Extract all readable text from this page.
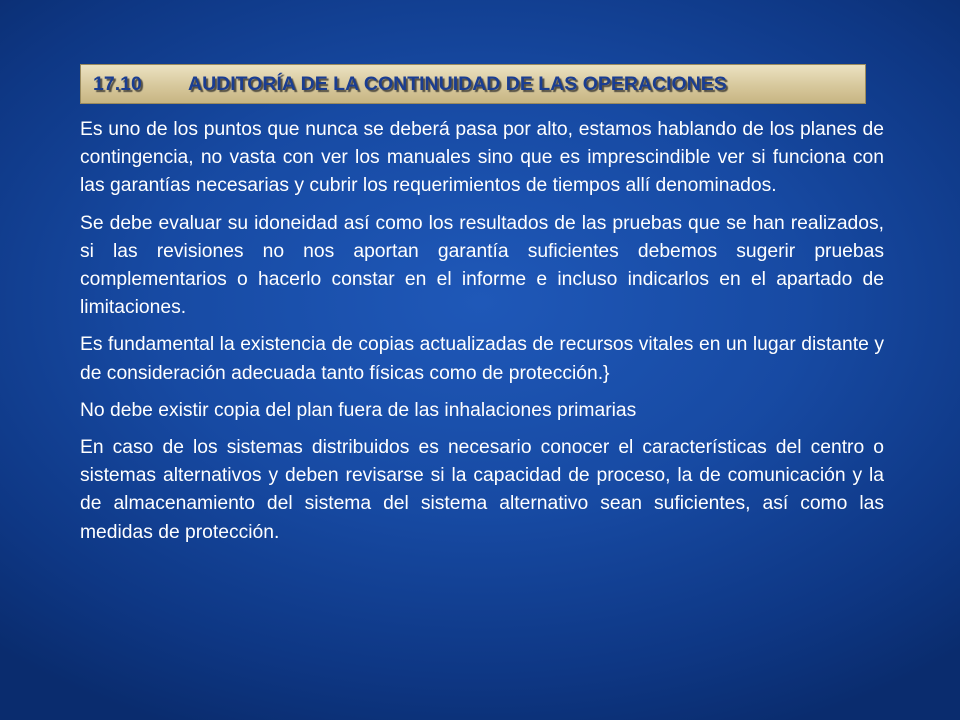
17.10	AUDITORÍA DE LA CONTINUIDAD DE LAS OPERACIONES

Es uno de los puntos que nunca se deberá pasa por alto, estamos hablando de los planes de contingencia, no vasta con ver los manuales sino que es imprescindible ver si funciona con las garantías necesarias y cubrir los requerimientos de tiempos allí denominados.

Se debe evaluar su idoneidad así como los resultados de las pruebas que se han realizados, si las revisiones no nos aportan garantía suficientes debemos sugerir pruebas complementarios o hacerlo constar en el informe e incluso indicarlos en el apartado de limitaciones.

Es fundamental la existencia de copias actualizadas de recursos vitales en un lugar distante y de consideración adecuada tanto físicas como de protección.}

No debe existir copia del plan fuera de las inhalaciones primarias

En caso de los sistemas distribuidos es necesario conocer el características del centro o sistemas alternativos y deben revisarse si la capacidad de proceso, la de comunicación y la de almacenamiento del sistema del sistema alternativo sean suficientes, así como las medidas de protección.
